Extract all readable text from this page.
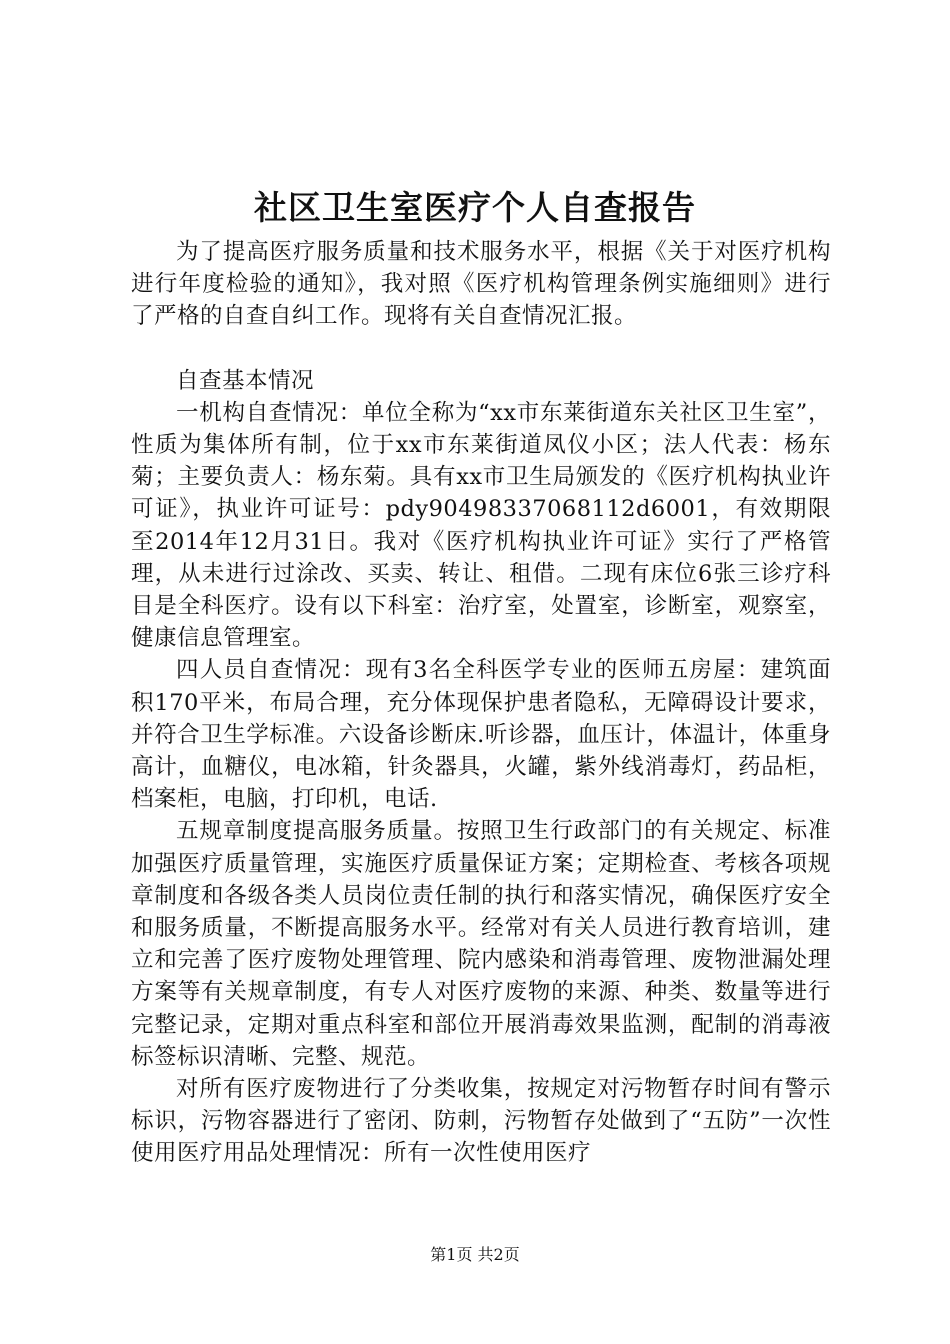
社区卫生室医疗个人自查报告

为了提高医疗服务质量和技术服务水平，根据《关于对医疗机构进行年度检验的通知》，我对照《医疗机构管理条例实施细则》进行了严格的自查自纠工作。现将有关自查情况汇报。

自查基本情况

一机构自查情况：单位全称为“xx市东莱街道东关社区卫生室”，性质为集体所有制，位于xx市东莱街道凤仪小区；法人代表：杨东菊；主要负责人：杨东菊。具有xx市卫生局颁发的《医疗机构执业许可证》，执业许可证号：pdy90498337068112d6001，有效期限至2014年12月31日。我对《医疗机构执业许可证》实行了严格管理，从未进行过涂改、买卖、转让、租借。二现有床位6张三诊疗科目是全科医疗。设有以下科室：治疗室，处置室，诊断室，观察室，健康信息管理室。

四人员自查情况：现有3名全科医学专业的医师五房屋：建筑面积170平米，布局合理，充分体现保护患者隐私，无障碍设计要求，并符合卫生学标准。六设备诊断床.听诊器，血压计，体温计，体重身高计，血糖仪，电冰箱，针灸器具，火罐，紫外线消毒灯，药品柜，档案柜，电脑，打印机，电话.

五规章制度提高服务质量。按照卫生行政部门的有关规定、标准加强医疗质量管理，实施医疗质量保证方案；定期检查、考核各项规章制度和各级各类人员岗位责任制的执行和落实情况，确保医疗安全和服务质量，不断提高服务水平。经常对有关人员进行教育培训，建立和完善了医疗废物处理管理、院内感染和消毒管理、废物泄漏处理方案等有关规章制度，有专人对医疗废物的来源、种类、数量等进行完整记录，定期对重点科室和部位开展消毒效果监测，配制的消毒液标签标识清晰、完整、规范。

对所有医疗废物进行了分类收集，按规定对污物暂存时间有警示标识，污物容器进行了密闭、防刺，污物暂存处做到了“五防”一次性使用医疗用品处理情况：所有一次性使用医疗

第1页 共2页
